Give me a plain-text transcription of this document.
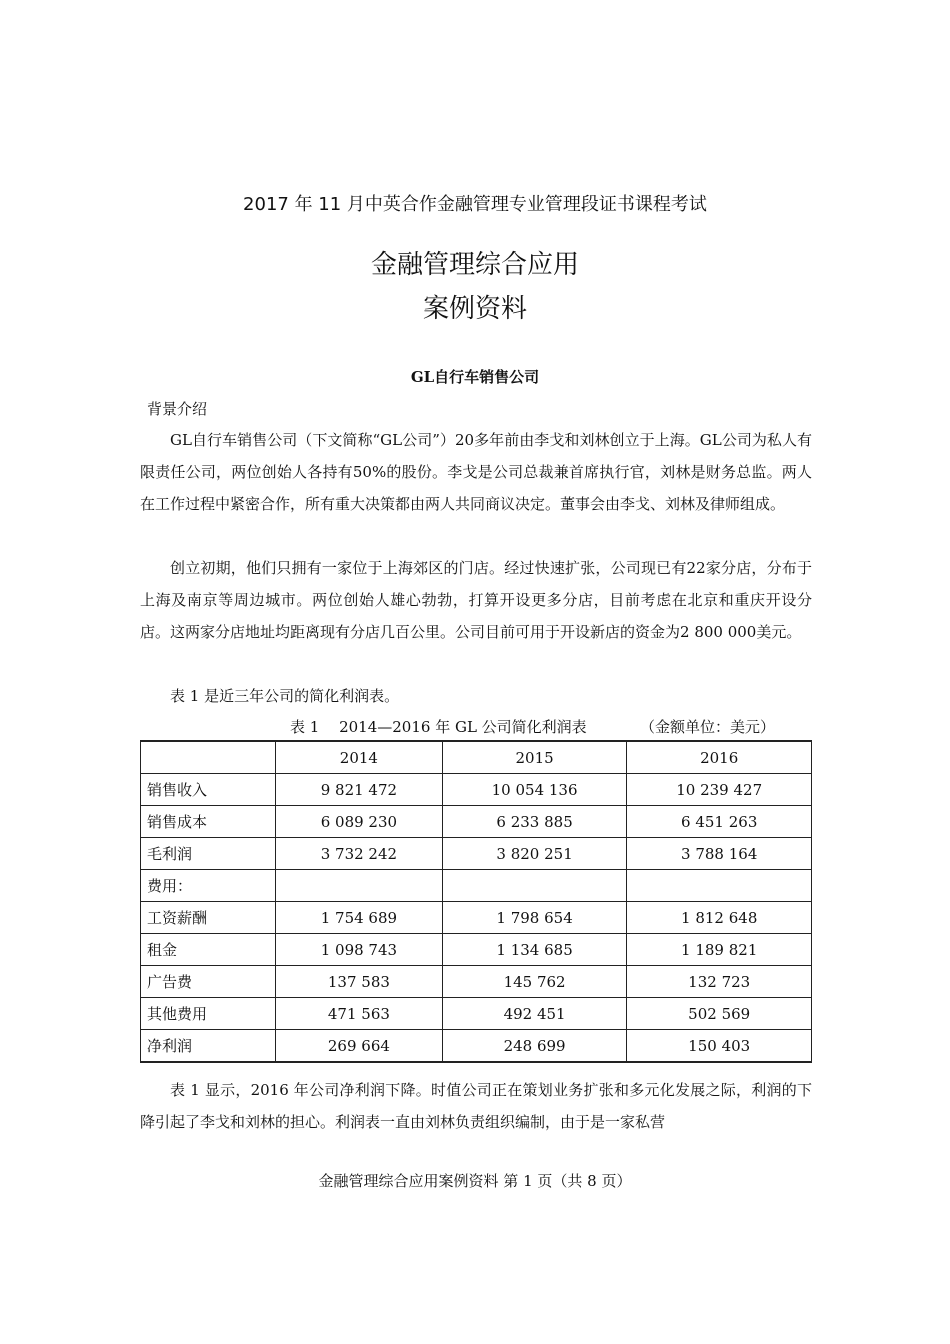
2017 年 11 月中英合作金融管理专业管理段证书课程考试
金融管理综合应用
案例资料
GL自行车销售公司
背景介绍

GL自行车销售公司（下文简称“GL公司”）20多年前由李戈和刘林创立于上海。GL公司为私人有限责任公司，两位创始人各持有50%的股份。李戈是公司总裁兼首席执行官，刘林是财务总监。两人在工作过程中紧密合作，所有重大决策都由两人共同商议决定。董事会由李戈、刘林及律师组成。

创立初期，他们只拥有一家位于上海郊区的门店。经过快速扩张，公司现已有22家分店，分布于上海及南京等周边城市。两位创始人雄心勃勃，打算开设更多分店，目前考虑在北京和重庆开设分店。这两家分店地址均距离现有分店几百公里。公司目前可用于开设新店的资金为2 800 000美元。

表 1 是近三年公司的简化利润表。

表 1　 2014—2016 年 GL 公司简化利润表	（金额单位：美元）
	2014	2015	2016
销售收入	9 821 472	10 054 136	10 239 427
销售成本	6 089 230	6 233 885	6 451 263
毛利润	3 732 242	3 820 251	3 788 164
费用：			
工资薪酬	1 754 689	1 798 654	1 812 648
租金	1 098 743	1 134 685	1 189 821
广告费	137 583	145 762	132 723
其他费用	471 563	492 451	502 569
净利润	269 664	248 699	150 403

表 1 显示，2016 年公司净利润下降。时值公司正在策划业务扩张和多元化发展之际，利润的下降引起了李戈和刘林的担心。利润表一直由刘林负责组织编制，由于是一家私营

金融管理综合应用案例资料 第 1 页（共 8 页）
